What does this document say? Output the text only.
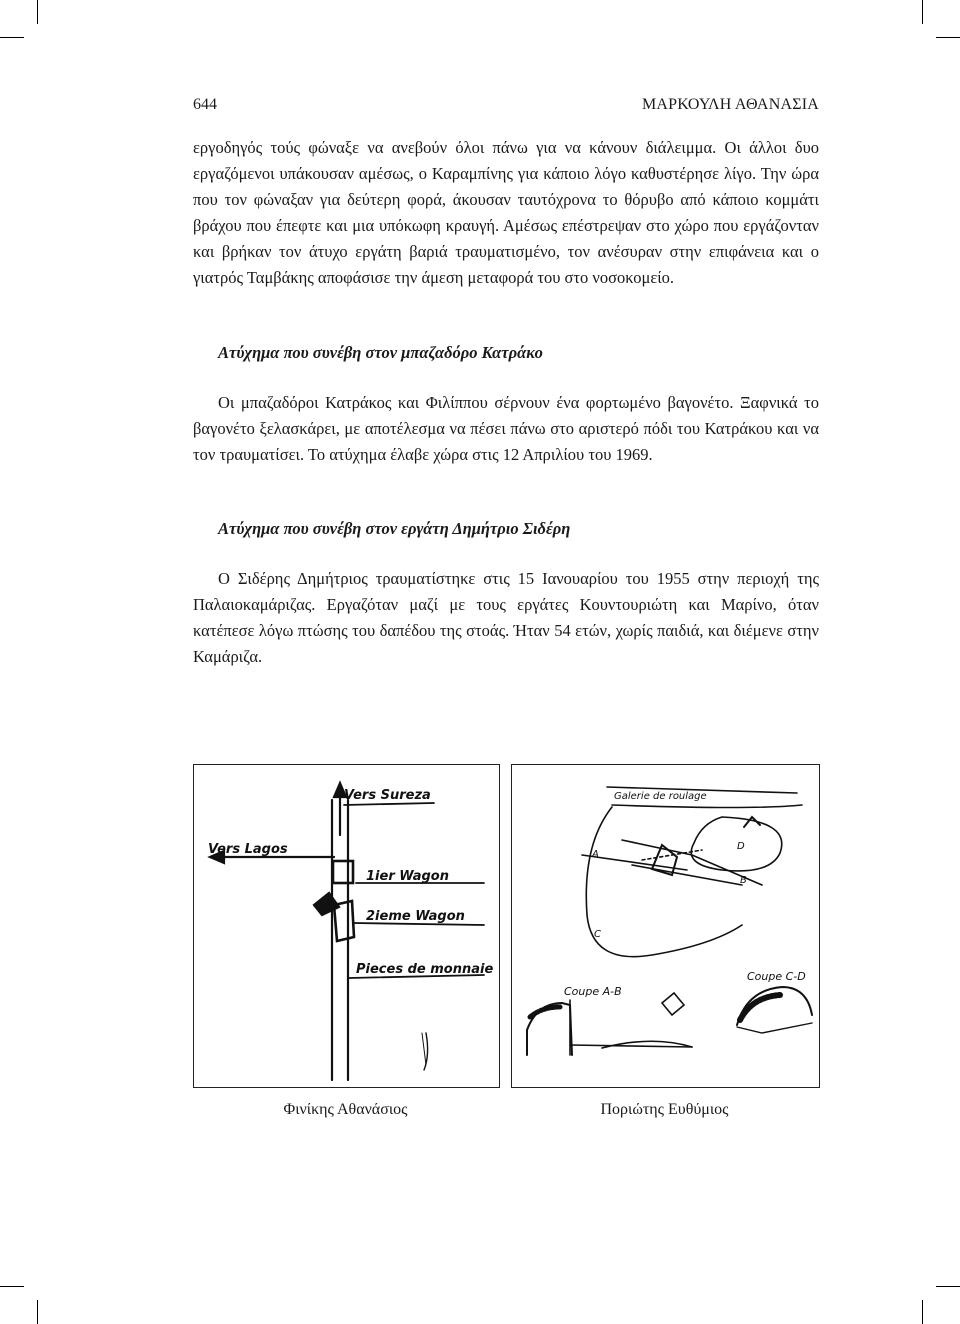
644	ΜΑΡΚΟΥΛΗ ΑΘΑΝΑΣΙΑ

εργοδηγός τούς φώναξε να ανεβούν όλοι πάνω για να κάνουν διάλειμμα. Οι άλλοι δυο εργαζόμενοι υπάκουσαν αμέσως, ο Καραμπίνης για κάποιο λόγο καθυστέρησε λίγο. Την ώρα που τον φώναξαν για δεύτερη φορά, άκουσαν ταυτόχρονα το θόρυβο από κάποιο κομμάτι βράχου που έπεφτε και μια υπόκωφη κραυγή. Αμέσως επέστρεψαν στο χώρο που εργάζονταν και βρήκαν τον άτυχο εργάτη βαριά τραυματισμένο, τον ανέσυραν στην επιφάνεια και ο γιατρός Ταμβάκης αποφάσισε την άμεση μεταφορά του στο νοσοκομείο.

Ατύχημα που συνέβη στον μπαζαδόρο Κατράκο

Οι μπαζαδόροι Κατράκος και Φιλίππου σέρνουν ένα φορτωμένο βαγονέτο. Ξαφνικά το βαγονέτο ξελασκάρει, με αποτέλεσμα να πέσει πάνω στο αριστερό πόδι του Κατράκου και να τον τραυματίσει. Το ατύχημα έλαβε χώρα στις 12 Απριλίου του 1969.

Ατύχημα που συνέβη στον εργάτη Δημήτριο Σιδέρη

Ο Σιδέρης Δημήτριος τραυματίστηκε στις 15 Ιανουαρίου του 1955 στην περιοχή της Παλαιοκαμάριζας. Εργαζόταν μαζί με τους εργάτες Κουντουριώτη και Μαρίνο, όταν κατέπεσε λόγω πτώσης του δαπέδου της στοάς. Ήταν 54 ετών, χωρίς παιδιά, και διέμενε στην Καμάριζα.

Vers Sureza
Vers Lagos
1ier Wagon
2ieme Wagon
Pieces de monnaie
Galerie de roulage
Coupe A-B
Coupe C-D
A
B
C
D
Φινίκης Αθανάσιος	Ποριώτης Ευθύμιος
